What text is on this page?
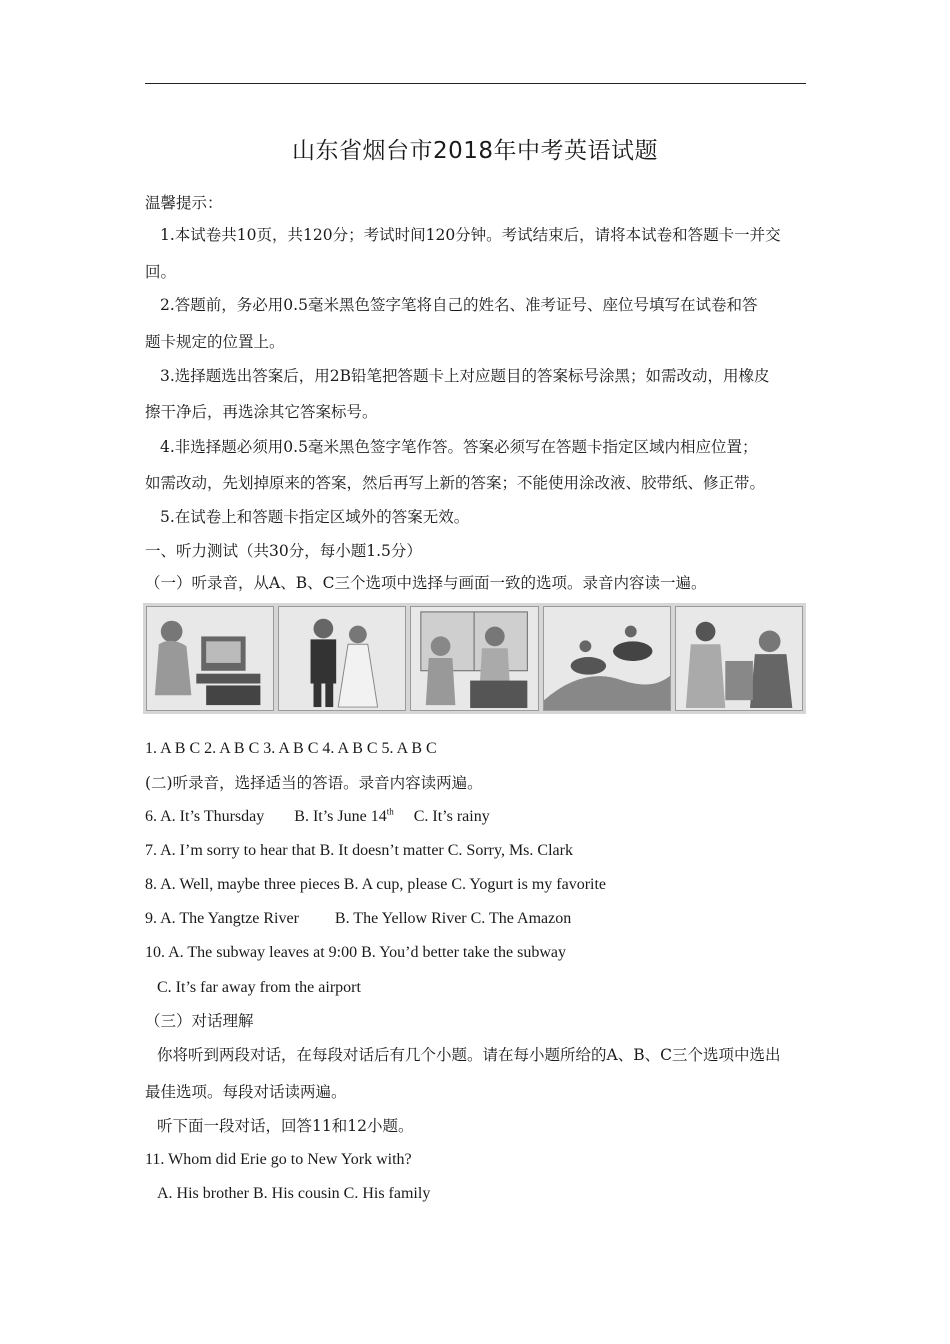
山东省烟台市2018年中考英语试题
温馨提示：
1.本试卷共10页，共120分；考试时间120分钟。考试结束后，请将本试卷和答题卡一并交
回。
2.答题前，务必用0.5毫米黑色签字笔将自己的姓名、准考证号、座位号填写在试卷和答
题卡规定的位置上。
3.选择题选出答案后，用2B铅笔把答题卡上对应题目的答案标号涂黑；如需改动，用橡皮
擦干净后，再选涂其它答案标号。
4.非选择题必须用0.5毫米黑色签字笔作答。答案必须写在答题卡指定区域内相应位置；
如需改动，先划掉原来的答案，然后再写上新的答案；不能使用涂改液、胶带纸、修正带。
5.在试卷上和答题卡指定区域外的答案无效。
一、听力测试（共30分，每小题1.5分）
（一）听录音，从A、B、C三个选项中选择与画面一致的选项。录音内容读一遍。
1. A B C 2. A B C 3. A B C 4. A B C 5. A B C
(二)听录音，选择适当的答语。录音内容读两遍。
6. A. It’s Thursday B. It’s June 14th C. It’s rainy
7. A. I’m sorry to hear that B. It doesn’t matter C. Sorry, Ms. Clark
8. A. Well, maybe three pieces B. A cup, please C. Yogurt is my favorite
9. A. The Yangtze River B. The Yellow River C. The Amazon
10. A. The subway leaves at 9:00 B. You’d better take the subway
C. It’s far away from the airport
（三）对话理解
你将听到两段对话，在每段对话后有几个小题。请在每小题所给的A、B、C三个选项中选出
最佳选项。每段对话读两遍。
听下面一段对话，回答11和12小题。
11. Whom did Erie go to New York with?
A. His brother B. His cousin C. His family
